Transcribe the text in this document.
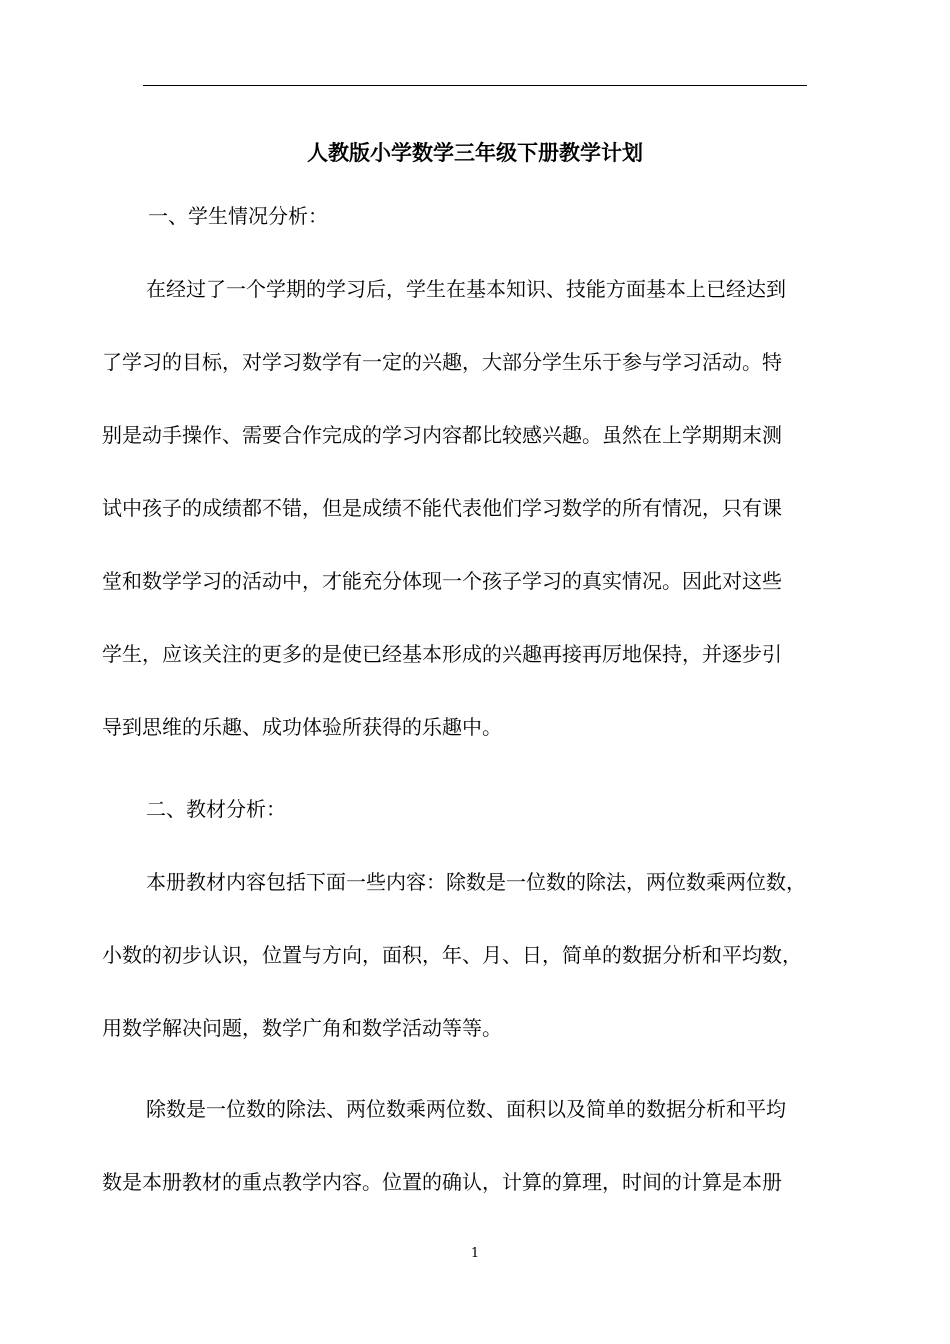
人教版小学数学三年级下册教学计划
一、学生情况分析：
在经过了一个学期的学习后，学生在基本知识、技能方面基本上已经达到
了学习的目标，对学习数学有一定的兴趣，大部分学生乐于参与学习活动。特
别是动手操作、需要合作完成的学习内容都比较感兴趣。虽然在上学期期末测
试中孩子的成绩都不错，但是成绩不能代表他们学习数学的所有情况，只有课
堂和数学学习的活动中，才能充分体现一个孩子学习的真实情况。因此对这些
学生，应该关注的更多的是使已经基本形成的兴趣再接再厉地保持，并逐步引
导到思维的乐趣、成功体验所获得的乐趣中。
二、教材分析：
本册教材内容包括下面一些内容：除数是一位数的除法，两位数乘两位数，
小数的初步认识，位置与方向，面积，年、月、日，简单的数据分析和平均数，
用数学解决问题，数学广角和数学活动等等。
除数是一位数的除法、两位数乘两位数、面积以及简单的数据分析和平均
数是本册教材的重点教学内容。位置的确认，计算的算理，时间的计算是本册
1
